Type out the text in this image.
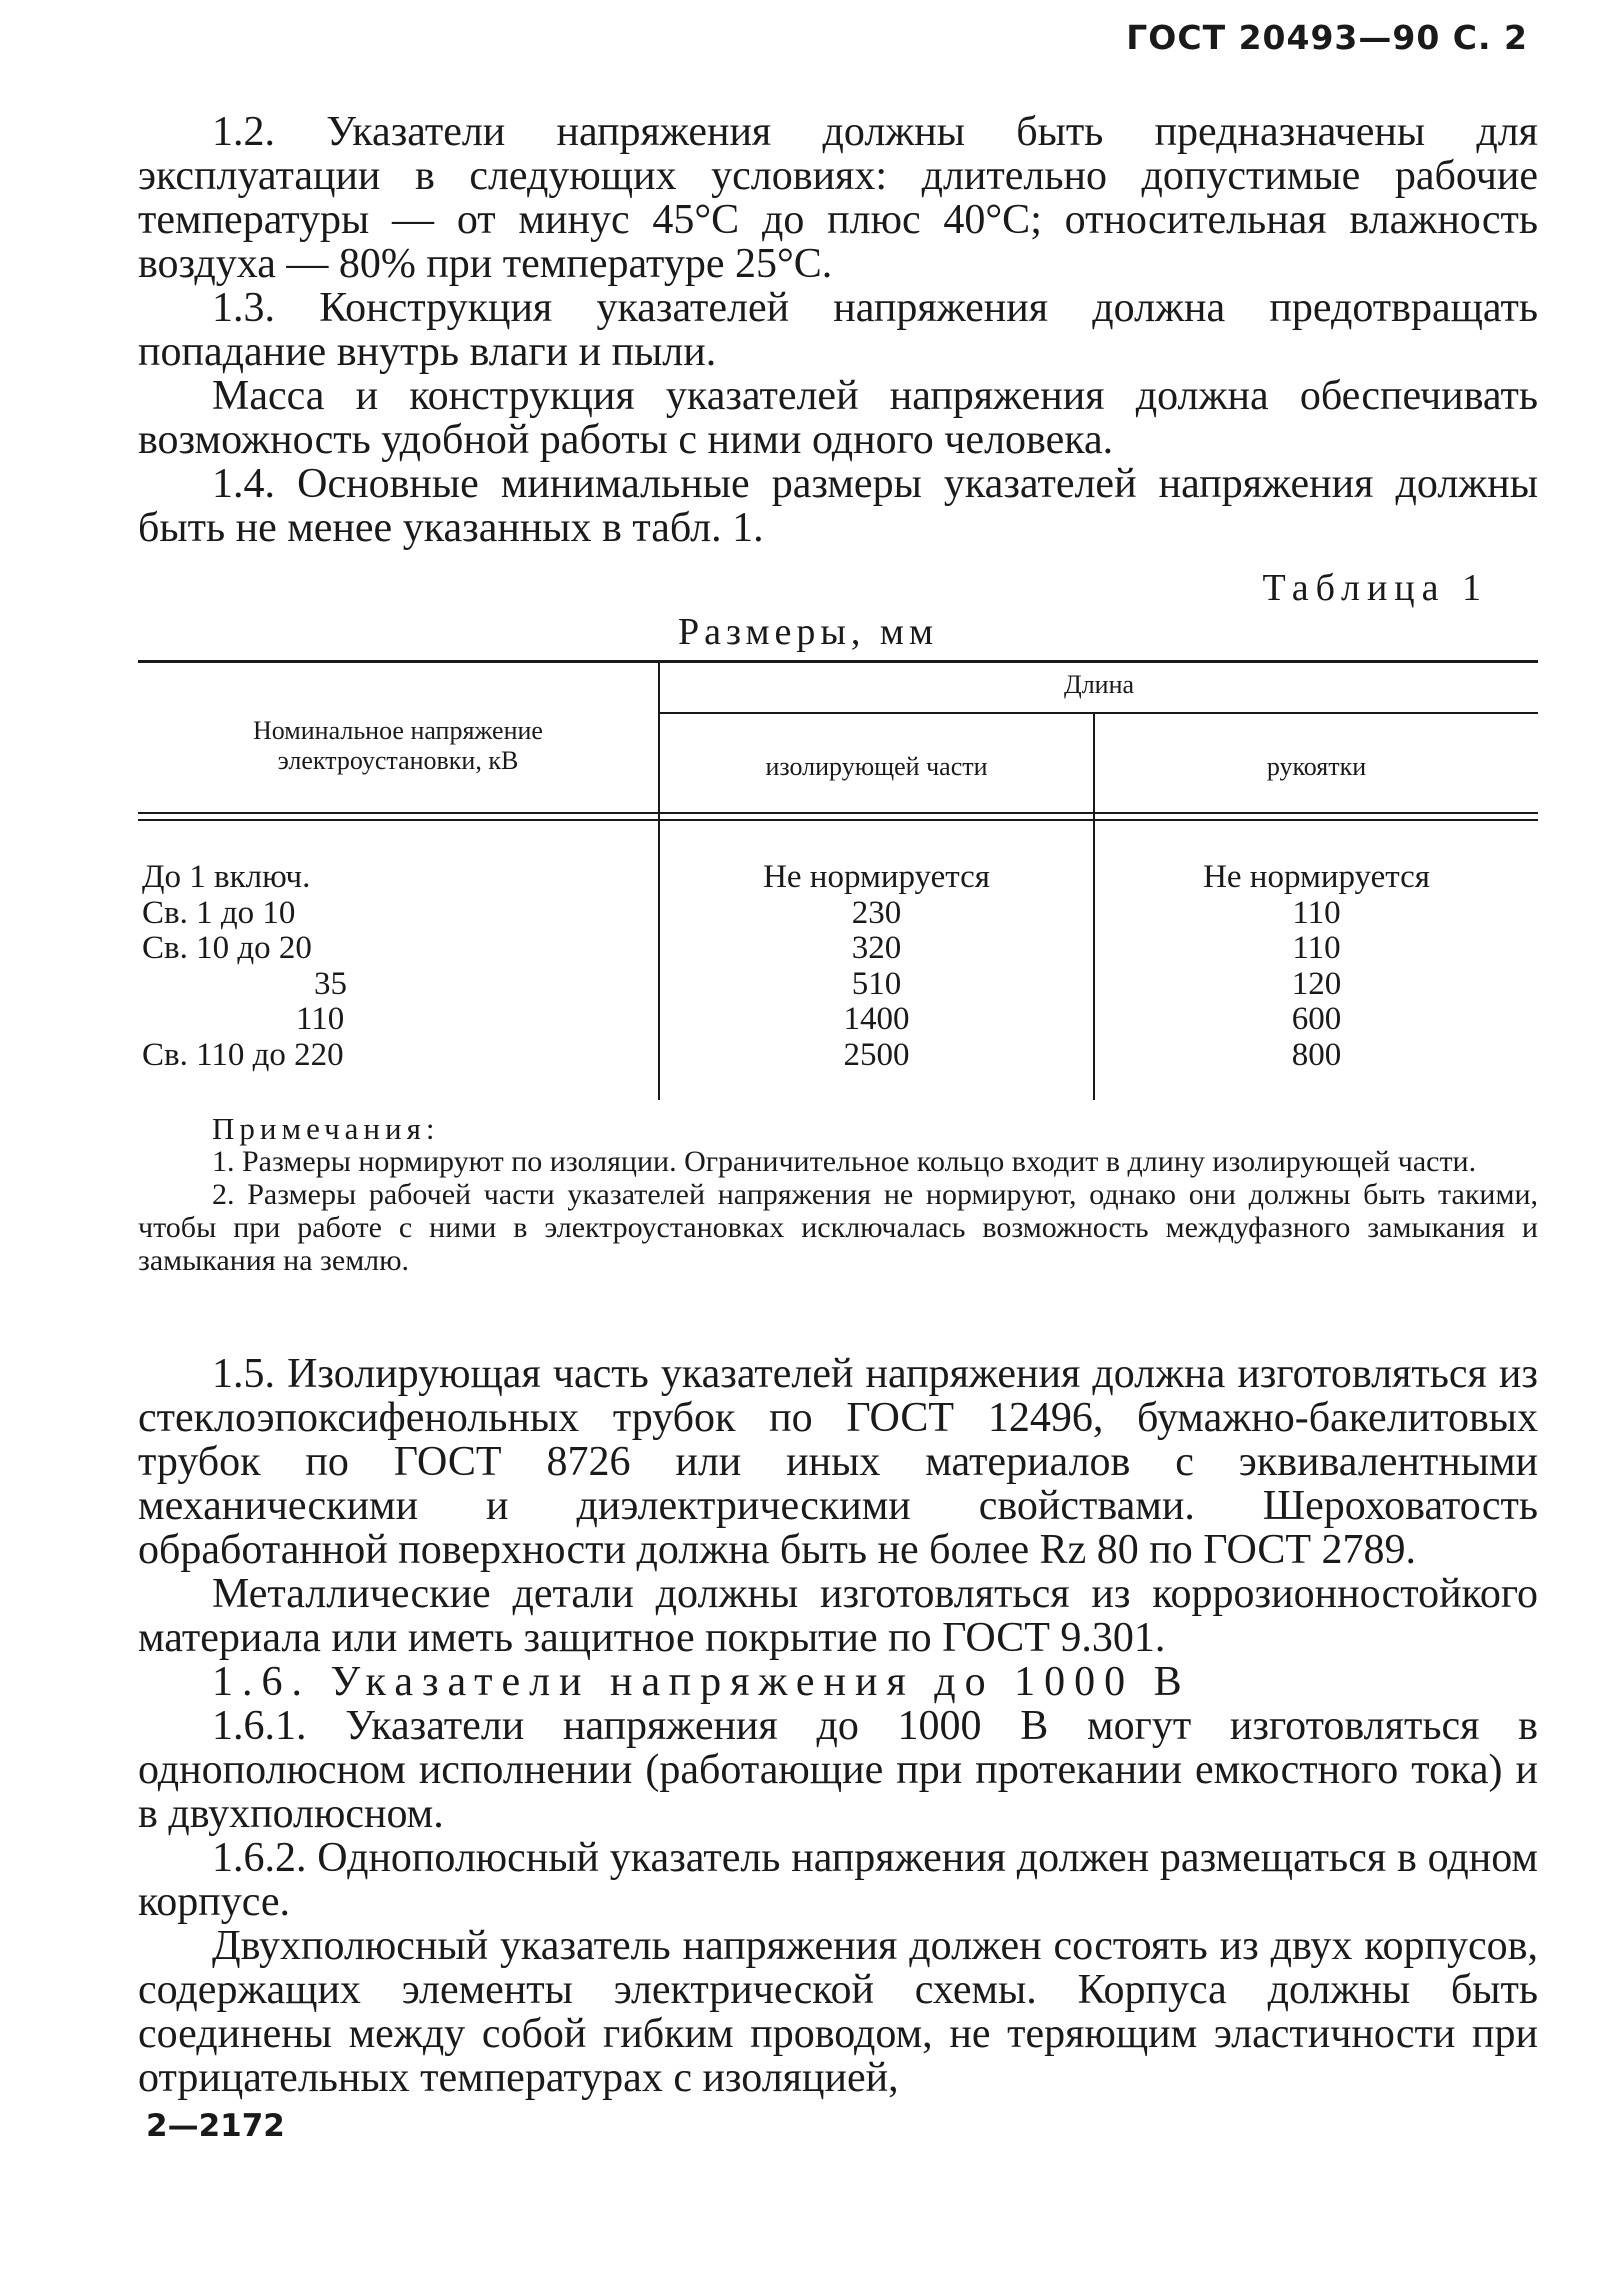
ГОСТ 20493—90 С. 2

1.2. Указатели напряжения должны быть предназначены для эксплуатации в следующих условиях: длительно допустимые рабочие температуры — от минус 45°С до плюс 40°С; относительная влажность воздуха — 80% при температуре 25°С.

1.3. Конструкция указателей напряжения должна предотвращать попадание внутрь влаги и пыли.

Масса и конструкция указателей напряжения должна обеспечивать возможность удобной работы с ними одного человека.

1.4. Основные минимальные размеры указателей напряжения должны быть не менее указанных в табл. 1.

Таблица 1
Размеры, мм
Номинальное напряжение электроустановки, кВ
Длина
изолирующей части	рукоятки
До 1 включ.	Не нормируется	Не нормируется
Св. 1 до 10	230	110
Св. 10 до 20	320	110
35	510	120
110	1400	600
Св. 110 до 220	2500	800

Примечания:

1. Размеры нормируют по изоляции. Ограничительное кольцо входит в длину изолирующей части.

2. Размеры рабочей части указателей напряжения не нормируют, однако они должны быть такими, чтобы при работе с ними в электроустановках исключалась возможность междуфазного замыкания и замыкания на землю.

1.5. Изолирующая часть указателей напряжения должна изготовляться из стеклоэпоксифенольных трубок по ГОСТ 12496, бумажно-бакелитовых трубок по ГОСТ 8726 или иных материалов с эквивалентными механическими и диэлектрическими свойствами. Шероховатость обработанной поверхности должна быть не более Rz 80 по ГОСТ 2789.

Металлические детали должны изготовляться из коррозионностойкого материала или иметь защитное покрытие по ГОСТ 9.301.

1.6. Указатели напряжения до 1000 В

1.6.1. Указатели напряжения до 1000 В могут изготовляться в однополюсном исполнении (работающие при протекании емкостного тока) и в двухполюсном.

1.6.2. Однополюсный указатель напряжения должен размещаться в одном корпусе.

Двухполюсный указатель напряжения должен состоять из двух корпусов, содержащих элементы электрической схемы. Корпуса должны быть соединены между собой гибким проводом, не теряющим эластичности при отрицательных температурах с изоляцией,

2—2172
